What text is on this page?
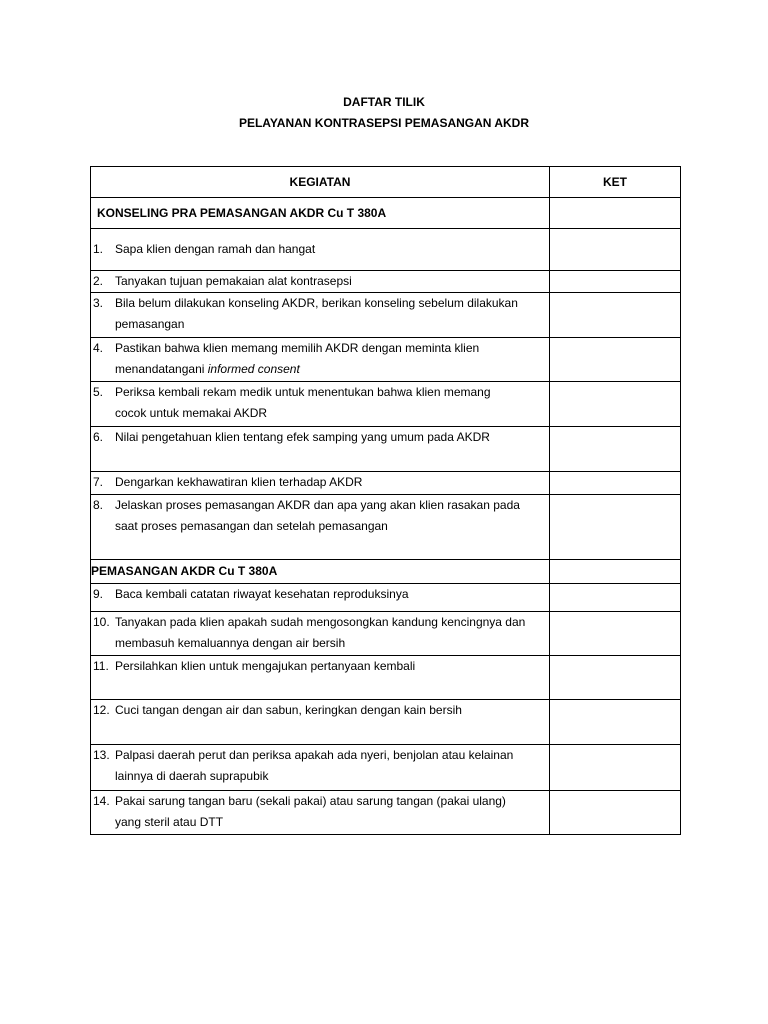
DAFTAR TILIK
PELAYANAN KONTRASEPSI PEMASANGAN AKDR
KEGIATAN	KET
KONSELING PRA PEMASANGAN AKDR Cu T 380A	
1. Sapa klien dengan ramah dan hangat	
2. Tanyakan tujuan pemakaian alat kontrasepsi	
3. Bila belum dilakukan konseling AKDR, berikan konseling sebelum dilakukan
pemasangan	

4. Pastikan bahwa klien memang memilih AKDR dengan meminta klien
menandatangani informed consent	

5. Periksa kembali rekam medik untuk menentukan bahwa klien memang
cocok untuk memakai AKDR	

6. Nilai pengetahuan klien tentang efek samping yang umum pada AKDR	
7. Dengarkan kekhawatiran klien terhadap AKDR	
8. Jelaskan proses pemasangan AKDR dan apa yang akan klien rasakan pada
saat proses pemasangan dan setelah pemasangan	

PEMASANGAN AKDR Cu T 380A	
9. Baca kembali catatan riwayat kesehatan reproduksinya	
10. Tanyakan pada klien apakah sudah mengosongkan kandung kencingnya dan
membasuh kemaluannya dengan air bersih	

11. Persilahkan klien untuk mengajukan pertanyaan kembali	
12. Cuci tangan dengan air dan sabun, keringkan dengan kain bersih	
13. Palpasi daerah perut dan periksa apakah ada nyeri, benjolan atau kelainan
lainnya di daerah suprapubik	

14. Pakai sarung tangan baru (sekali pakai) atau sarung tangan (pakai ulang)
yang steril atau DTT	
